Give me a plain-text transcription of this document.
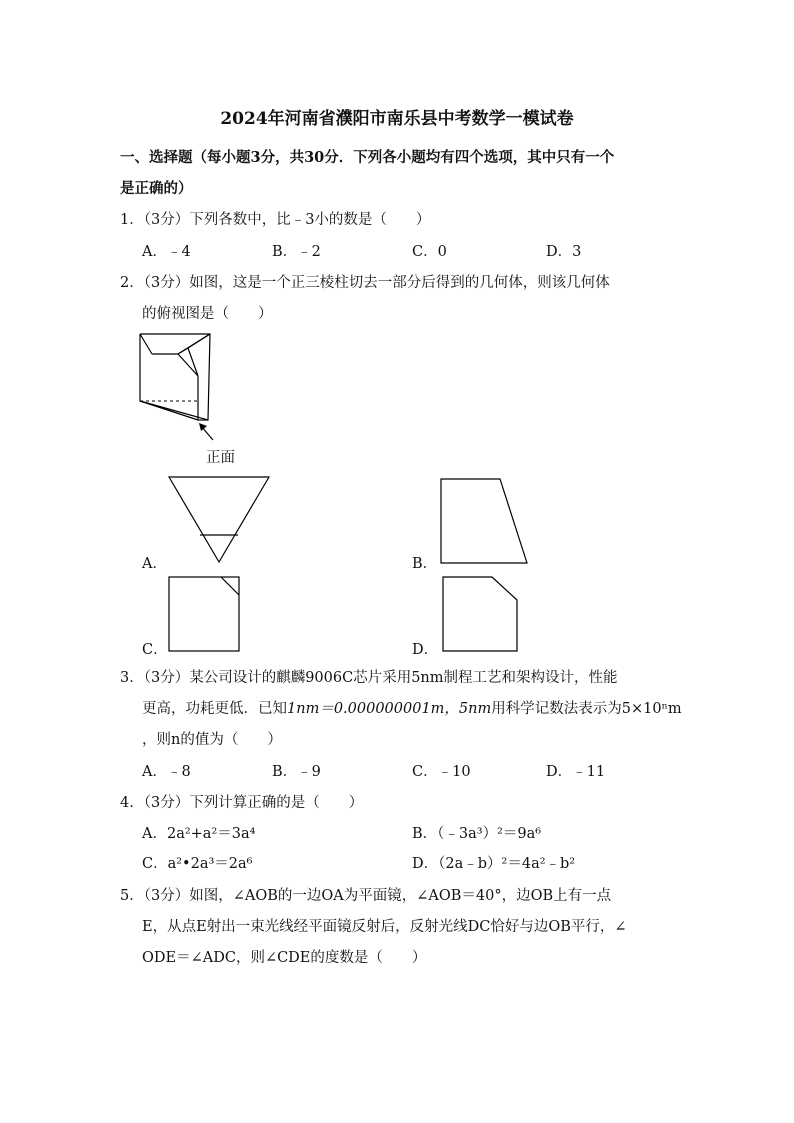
2024年河南省濮阳市南乐县中考数学一模试卷
一、选择题（每小题3分，共30分．下列各小题均有四个选项，其中只有一个
是正确的）
1．（3分）下列各数中，比﹣3小的数是（　　）
A．﹣4	B．﹣2	C．0	D．3
2．（3分）如图，这是一个正三棱柱切去一部分后得到的几何体，则该几何体
的俯视图是（　　）
正面
A．	B．
C．	D．
3．（3分）某公司设计的麒麟9006C芯片采用5nm制程工艺和架构设计，性能
更高，功耗更低．已知1nm＝0.000000001m，5nm用科学记数法表示为5×10ⁿm
，则n的值为（　　）
A．﹣8	B．﹣9	C．﹣10	D．﹣11
4．（3分）下列计算正确的是（　　）
A．2a²+a²＝3a⁴	B．（﹣3a³）²＝9a⁶
C．a²•2a³＝2a⁶	D．（2a﹣b）²＝4a²﹣b²
5．（3分）如图，∠AOB的一边OA为平面镜，∠AOB＝40°，边OB上有一点
E，从点E射出一束光线经平面镜反射后，反射光线DC恰好与边OB平行，∠
ODE＝∠ADC，则∠CDE的度数是（　　）
